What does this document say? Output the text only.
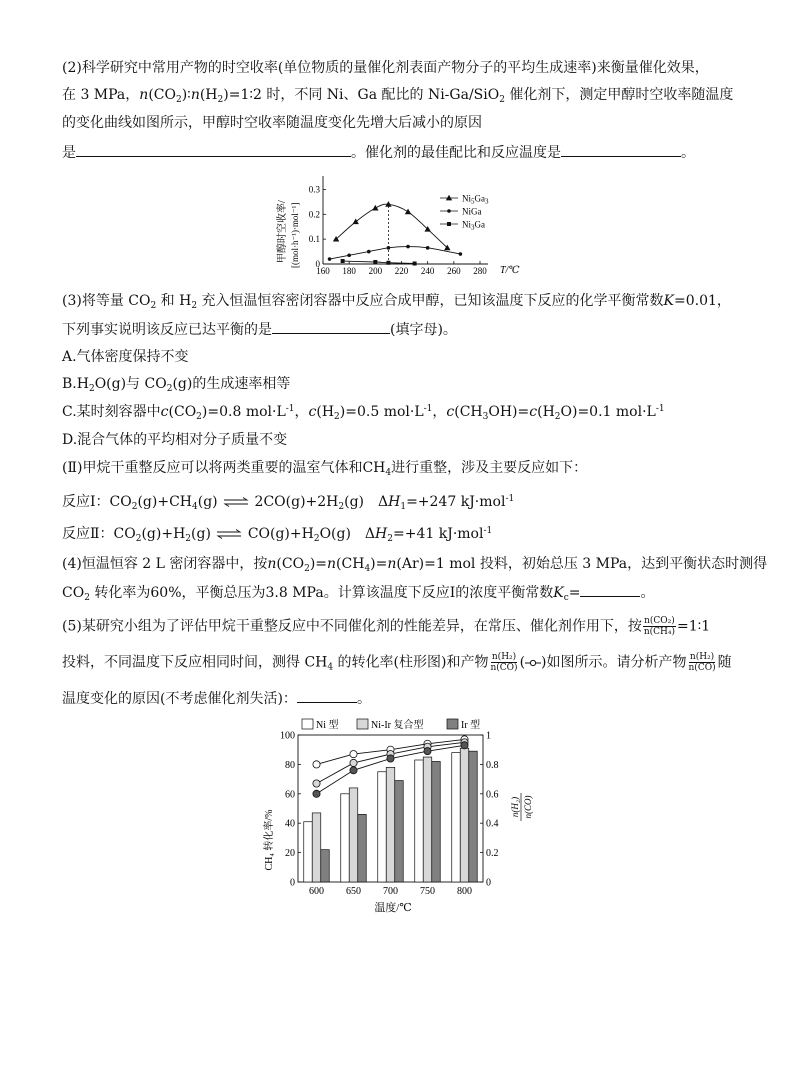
(2)科学研究中常用产物的时空收率(单位物质的量催化剂表面产物分子的平均生成速率)来衡量催化效果，
在 3 MPa，$n(CO_2)∶n(H_2)=1∶2$ 时，不同 Ni、Ga 配比的 Ni-Ga/SiO$_2$ 催化剂下，测定甲醇时空收率随温度
的变化曲线如图所示，甲醇时空收率随温度变化先增大后减小的原因
是	。催化剂的最佳配比和反应温度是	。
160 180 200 220 240 260 280
0
0.1
0.2
0.3
$Ni_5Ga_3$
NiGa
$Ni_3Ga$
甲醇时空收率/ [(mol·h⁻¹)·mol⁻¹]
T/℃
(3)将等量 $CO_2$ 和 $H_2$ 充入恒温恒容密闭容器中反应合成甲醇，已知该温度下反应的化学平衡常数K=0.01，
下列事实说明该反应已达平衡的是	(填字母)。
A.气体密度保持不变
$B.H_2O(g)$与 $CO_2(g)$的生成速率相等
C.某时刻容器中$c(CO_2)=0.8$ $mol\cdot L^{-1}$，$c(H_2)=0.5$ $mol\cdot L^{-1}$，$c(CH_3OH)=c(H_2O)=0.1$ $mol\cdot L^{-1}$
D.混合气体的平均相对分子质量不变
(Ⅱ)甲烷干重整反应可以将两类重要的温室气体和$CH_4$进行重整，涉及主要反应如下：
反应Ⅰ：$CO_2(g)+CH_4(g)$ ⇌ $2CO(g)+2H_2(g)$　$\Delta H_1=+247$ kJ·mol$^{-1}$
反应Ⅱ：$CO_2(g)+H_2(g)$ ⇌ $CO(g)+H_2O(g)$　$\Delta H_2=+41$ kJ·mol$^{-1}$
(4)恒温恒容 2 L 密闭容器中，按$n(CO_2)=n(CH_4)=n(Ar)=1$ mol 投料，初始总压 3 MPa，达到平衡状态时测得
$CO_2$ 转化率为60%，平衡总压为3.8 MPa。计算该温度下反应Ⅰ的浓度平衡常数$K_c=$	。
(5)某研究小组为了评估甲烷干重整反应中不同催化剂的性能差异，在常压、催化剂作用下，按 $\frac{\text{n(CO₂)}}{\text{n(CH₄)}}$ =1∶1
投料，不同温度下反应相同时间，测得 $CH_4$ 的转化率(柱形图)和产物 $\frac{\text{n(H₂)}}{n(CO)}$ ( )如图所示。请分析产物 $\frac{\text{n(H₂)}}{n(CO)}$ 随
温度变化的原因(不考虑催化剂失活)：	。
Ni 型	Ni-Ir 复合型	Ir 型
0
20
40
60
80
100
0
0.2
0.4
0.6
0.8
1
600 650 700 750 800
CH₄ 转化率/%
n(H₂) n(CO)
温度/℃
